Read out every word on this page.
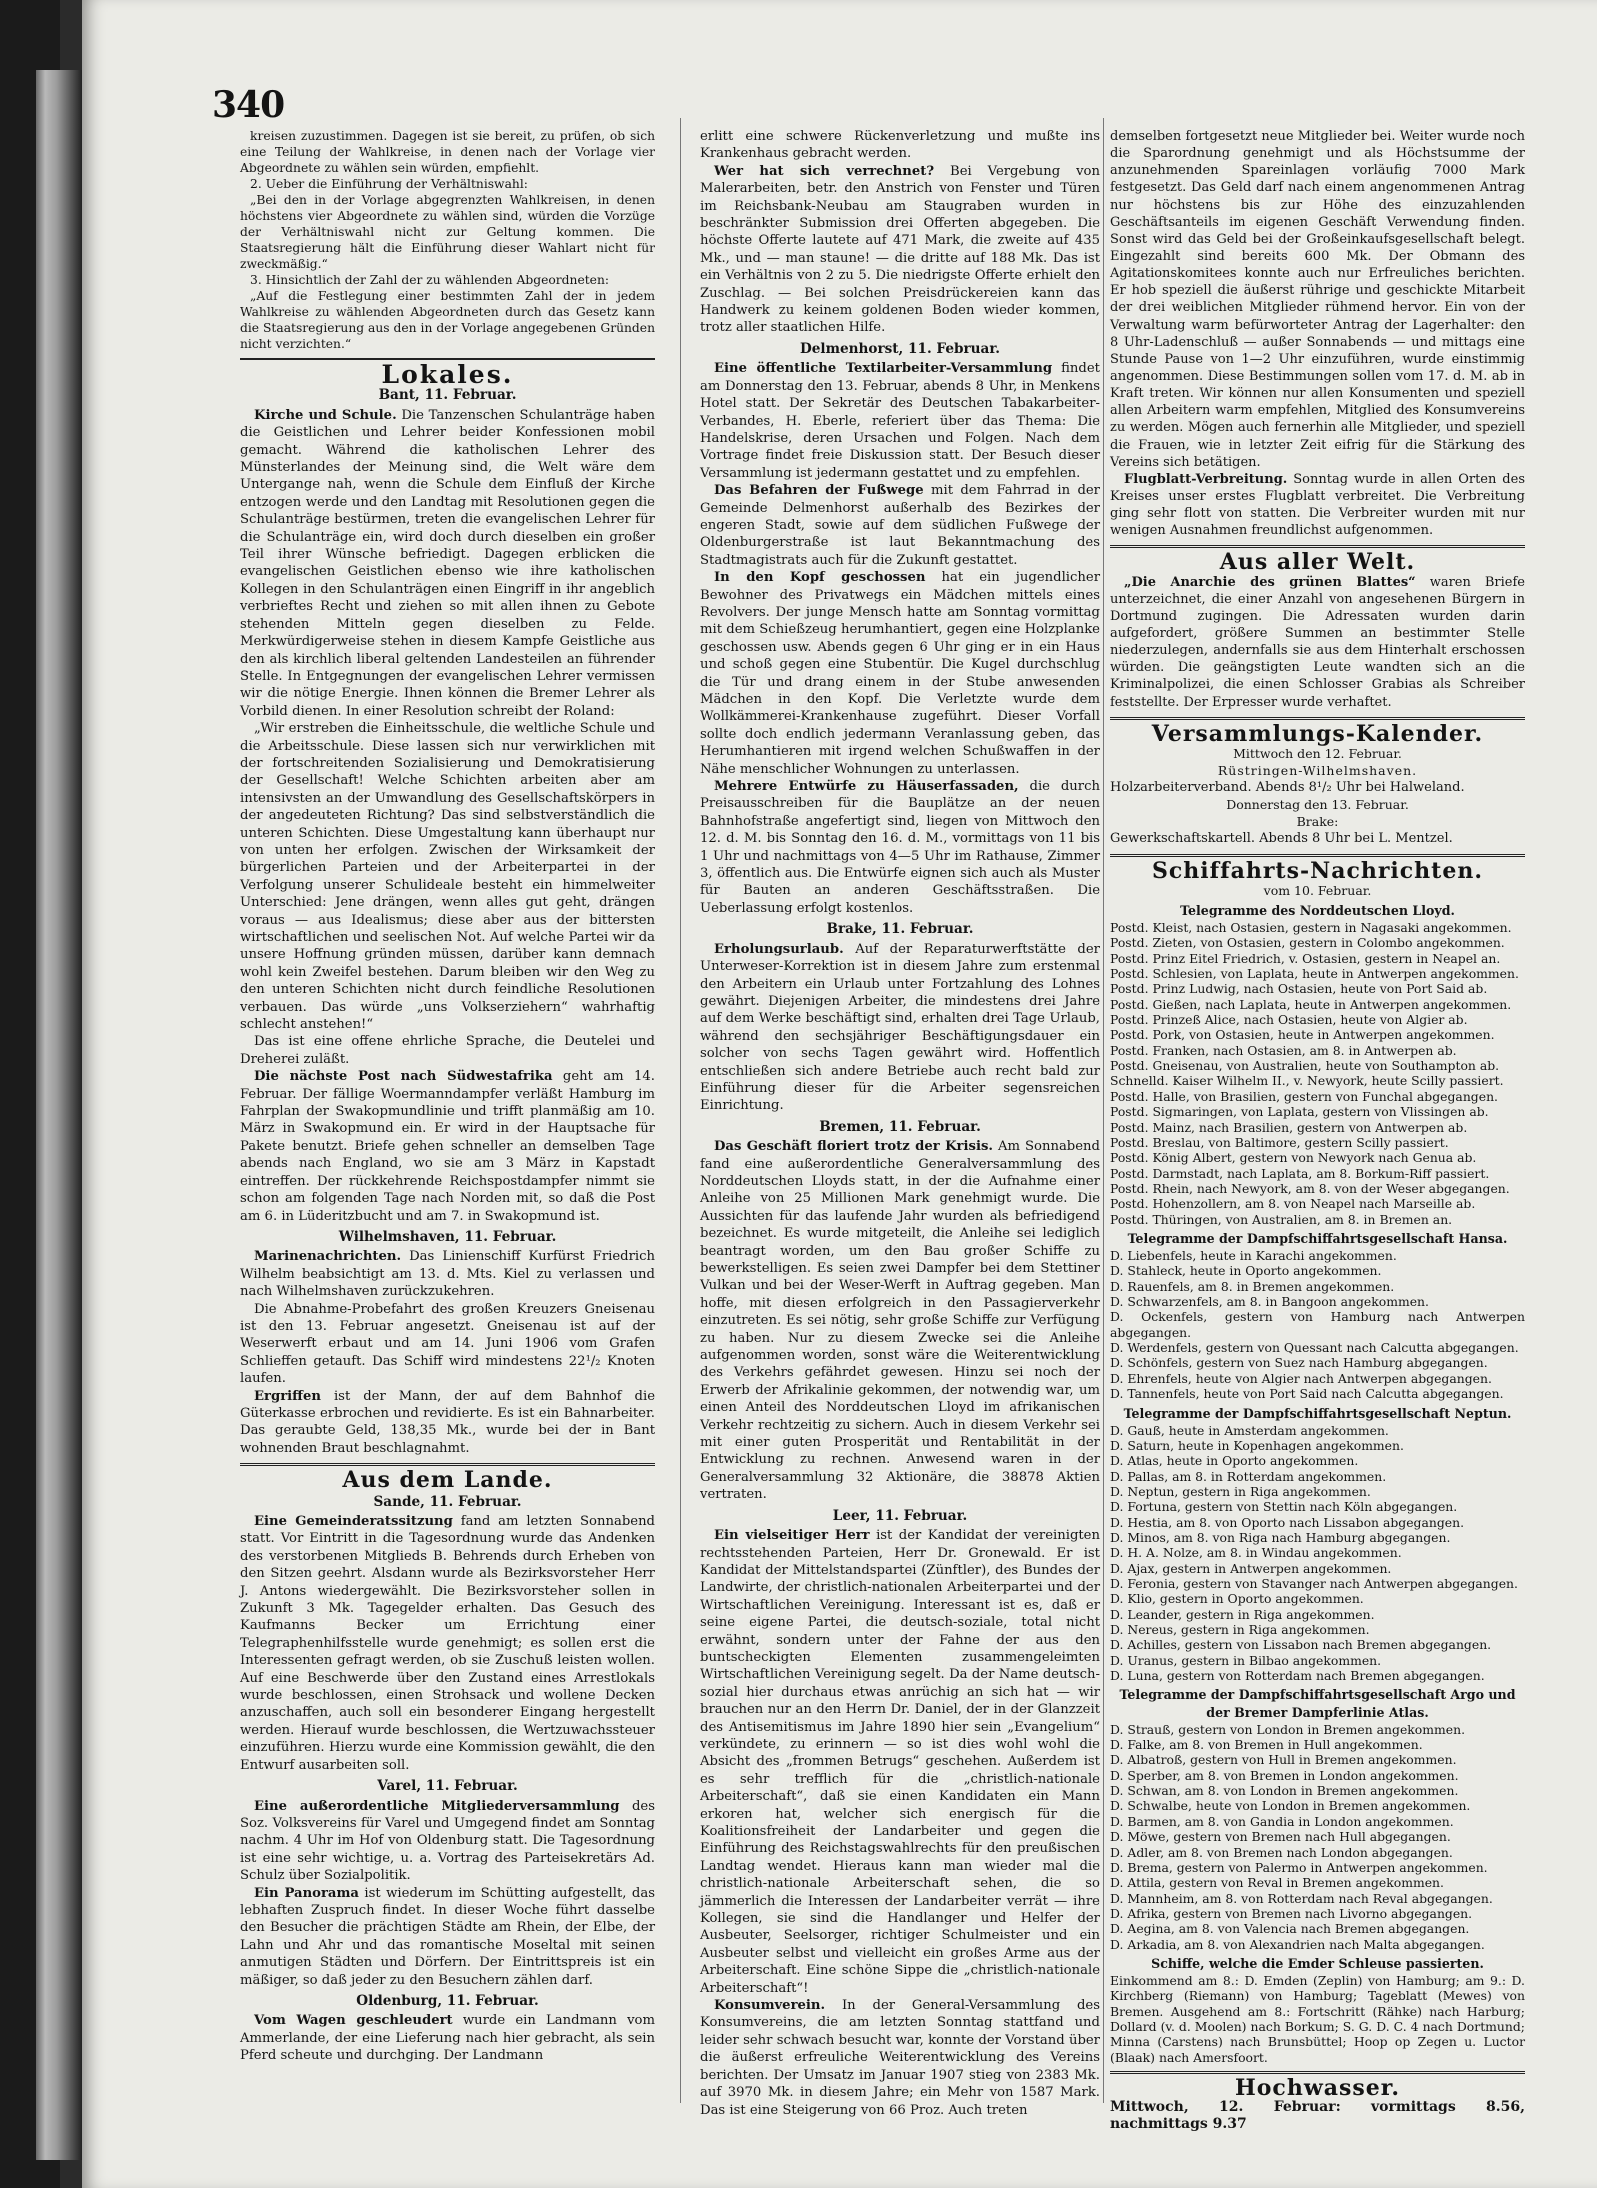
340

kreisen zuzustimmen. Dagegen ist sie bereit, zu prüfen, ob sich eine Teilung der Wahlkreise, in denen nach der Vorlage vier Abgeordnete zu wählen sein würden, empfiehlt.

2. Ueber die Einführung der Verhältniswahl:

„Bei den in der Vorlage abgegrenzten Wahlkreisen, in denen höchstens vier Abgeordnete zu wählen sind, würden die Vorzüge der Verhältniswahl nicht zur Geltung kommen. Die Staatsregierung hält die Einführung dieser Wahlart nicht für zweckmäßig.“

3. Hinsichtlich der Zahl der zu wählenden Abgeordneten:

„Auf die Festlegung einer bestimmten Zahl der in jedem Wahlkreise zu wählenden Abgeordneten durch das Gesetz kann die Staatsregierung aus den in der Vorlage angegebenen Gründen nicht verzichten.“

Lokales.
Bant, 11. Februar.

Kirche und Schule. Die Tanzenschen Schulanträge haben die Geistlichen und Lehrer beider Konfessionen mobil gemacht. Während die katholischen Lehrer des Münsterlandes der Meinung sind, die Welt wäre dem Untergange nah, wenn die Schule dem Einfluß der Kirche entzogen werde und den Landtag mit Resolutionen gegen die Schulanträge bestürmen, treten die evangelischen Lehrer für die Schulanträge ein, wird doch durch dieselben ein großer Teil ihrer Wünsche befriedigt. Dagegen erblicken die evangelischen Geistlichen ebenso wie ihre katholischen Kollegen in den Schulanträgen einen Eingriff in ihr angeblich verbrieftes Recht und ziehen so mit allen ihnen zu Gebote stehenden Mitteln gegen dieselben zu Felde. Merkwürdigerweise stehen in diesem Kampfe Geistliche aus den als kirchlich liberal geltenden Landesteilen an führender Stelle. In Entgegnungen der evangelischen Lehrer vermissen wir die nötige Energie. Ihnen können die Bremer Lehrer als Vorbild dienen. In einer Resolution schreibt der Roland:

„Wir erstreben die Einheitsschule, die weltliche Schule und die Arbeitsschule. Diese lassen sich nur verwirklichen mit der fortschreitenden Sozialisierung und Demokratisierung der Gesellschaft! Welche Schichten arbeiten aber am intensivsten an der Umwandlung des Gesellschaftskörpers in der angedeuteten Richtung? Das sind selbstverständlich die unteren Schichten. Diese Umgestaltung kann überhaupt nur von unten her erfolgen. Zwischen der Wirksamkeit der bürgerlichen Parteien und der Arbeiterpartei in der Verfolgung unserer Schulideale besteht ein himmelweiter Unterschied: Jene drängen, wenn alles gut geht, drängen voraus — aus Idealismus; diese aber aus der bittersten wirtschaftlichen und seelischen Not. Auf welche Partei wir da unsere Hoffnung gründen müssen, darüber kann demnach wohl kein Zweifel bestehen. Darum bleiben wir den Weg zu den unteren Schichten nicht durch feindliche Resolutionen verbauen. Das würde „uns Volkserziehern“ wahrhaftig schlecht anstehen!“

Das ist eine offene ehrliche Sprache, die Deutelei und Dreherei zuläßt.

Die nächste Post nach Südwestafrika geht am 14. Februar. Der fällige Woermanndampfer verläßt Hamburg im Fahrplan der Swakopmundlinie und trifft planmäßig am 10. März in Swakopmund ein. Er wird in der Hauptsache für Pakete benutzt. Briefe gehen schneller an demselben Tage abends nach England, wo sie am 3 März in Kapstadt eintreffen. Der rückkehrende Reichspostdampfer nimmt sie schon am folgenden Tage nach Norden mit, so daß die Post am 6. in Lüderitzbucht und am 7. in Swakopmund ist.

Wilhelmshaven, 11. Februar.

Marinenachrichten. Das Linienschiff Kurfürst Friedrich Wilhelm beabsichtigt am 13. d. Mts. Kiel zu verlassen und nach Wilhelmshaven zurückzukehren.

Die Abnahme-Probefahrt des großen Kreuzers Gneisenau ist den 13. Februar angesetzt. Gneisenau ist auf der Weserwerft erbaut und am 14. Juni 1906 vom Grafen Schlieffen getauft. Das Schiff wird mindestens 22¹/₂ Knoten laufen.

Ergriffen ist der Mann, der auf dem Bahnhof die Güterkasse erbrochen und revidierte. Es ist ein Bahnarbeiter. Das geraubte Geld, 138,35 Mk., wurde bei der in Bant wohnenden Braut beschlagnahmt.

Aus dem Lande.
Sande, 11. Februar.

Eine Gemeinderatssitzung fand am letzten Sonnabend statt. Vor Eintritt in die Tagesordnung wurde das Andenken des verstorbenen Mitglieds B. Behrends durch Erheben von den Sitzen geehrt. Alsdann wurde als Bezirksvorsteher Herr J. Antons wiedergewählt. Die Bezirksvorsteher sollen in Zukunft 3 Mk. Tagegelder erhalten. Das Gesuch des Kaufmanns Becker um Errichtung einer Telegraphenhilfsstelle wurde genehmigt; es sollen erst die Interessenten gefragt werden, ob sie Zuschuß leisten wollen. Auf eine Beschwerde über den Zustand eines Arrestlokals wurde beschlossen, einen Strohsack und wollene Decken anzuschaffen, auch soll ein besonderer Eingang hergestellt werden. Hierauf wurde beschlossen, die Wertzuwachssteuer einzuführen. Hierzu wurde eine Kommission gewählt, die den Entwurf ausarbeiten soll.

Varel, 11. Februar.

Eine außerordentliche Mitgliederversammlung des Soz. Volksvereins für Varel und Umgegend findet am Sonntag nachm. 4 Uhr im Hof von Oldenburg statt. Die Tagesordnung ist eine sehr wichtige, u. a. Vortrag des Parteisekretärs Ad. Schulz über Sozialpolitik.

Ein Panorama ist wiederum im Schütting aufgestellt, das lebhaften Zuspruch findet. In dieser Woche führt dasselbe den Besucher die prächtigen Städte am Rhein, der Elbe, der Lahn und Ahr und das romantische Moseltal mit seinen anmutigen Städten und Dörfern. Der Eintrittspreis ist ein mäßiger, so daß jeder zu den Besuchern zählen darf.

Oldenburg, 11. Februar.

Vom Wagen geschleudert wurde ein Landmann vom Ammerlande, der eine Lieferung nach hier gebracht, als sein Pferd scheute und durchging. Der Landmann

erlitt eine schwere Rückenverletzung und mußte ins Krankenhaus gebracht werden.

Wer hat sich verrechnet? Bei Vergebung von Malerarbeiten, betr. den Anstrich von Fenster und Türen im Reichsbank-Neubau am Staugraben wurden in beschränkter Submission drei Offerten abgegeben. Die höchste Offerte lautete auf 471 Mark, die zweite auf 435 Mk., und — man staune! — die dritte auf 188 Mk. Das ist ein Verhältnis von 2 zu 5. Die niedrigste Offerte erhielt den Zuschlag. — Bei solchen Preisdrückereien kann das Handwerk zu keinem goldenen Boden wieder kommen, trotz aller staatlichen Hilfe.

Delmenhorst, 11. Februar.

Eine öffentliche Textilarbeiter-Versammlung findet am Donnerstag den 13. Februar, abends 8 Uhr, in Menkens Hotel statt. Der Sekretär des Deutschen Tabakarbeiter-Verbandes, H. Eberle, referiert über das Thema: Die Handelskrise, deren Ursachen und Folgen. Nach dem Vortrage findet freie Diskussion statt. Der Besuch dieser Versammlung ist jedermann gestattet und zu empfehlen.

Das Befahren der Fußwege mit dem Fahrrad in der Gemeinde Delmenhorst außerhalb des Bezirkes der engeren Stadt, sowie auf dem südlichen Fußwege der Oldenburgerstraße ist laut Bekanntmachung des Stadtmagistrats auch für die Zukunft gestattet.

In den Kopf geschossen hat ein jugendlicher Bewohner des Privatwegs ein Mädchen mittels eines Revolvers. Der junge Mensch hatte am Sonntag vormittag mit dem Schießzeug herumhantiert, gegen eine Holzplanke geschossen usw. Abends gegen 6 Uhr ging er in ein Haus und schoß gegen eine Stubentür. Die Kugel durchschlug die Tür und drang einem in der Stube anwesenden Mädchen in den Kopf. Die Verletzte wurde dem Wollkämmerei-Krankenhause zugeführt. Dieser Vorfall sollte doch endlich jedermann Veranlassung geben, das Herumhantieren mit irgend welchen Schußwaffen in der Nähe menschlicher Wohnungen zu unterlassen.

Mehrere Entwürfe zu Häuserfassaden, die durch Preisausschreiben für die Bauplätze an der neuen Bahnhofstraße angefertigt sind, liegen von Mittwoch den 12. d. M. bis Sonntag den 16. d. M., vormittags von 11 bis 1 Uhr und nachmittags von 4—5 Uhr im Rathause, Zimmer 3, öffentlich aus. Die Entwürfe eignen sich auch als Muster für Bauten an anderen Geschäftsstraßen. Die Ueberlassung erfolgt kostenlos.

Brake, 11. Februar.

Erholungsurlaub. Auf der Reparaturwerftstätte der Unterweser-Korrektion ist in diesem Jahre zum erstenmal den Arbeitern ein Urlaub unter Fortzahlung des Lohnes gewährt. Diejenigen Arbeiter, die mindestens drei Jahre auf dem Werke beschäftigt sind, erhalten drei Tage Urlaub, während den sechsjähriger Beschäftigungsdauer ein solcher von sechs Tagen gewährt wird. Hoffentlich entschließen sich andere Betriebe auch recht bald zur Einführung dieser für die Arbeiter segensreichen Einrichtung.

Bremen, 11. Februar.

Das Geschäft floriert trotz der Krisis. Am Sonnabend fand eine außerordentliche Generalversammlung des Norddeutschen Lloyds statt, in der die Aufnahme einer Anleihe von 25 Millionen Mark genehmigt wurde. Die Aussichten für das laufende Jahr wurden als befriedigend bezeichnet. Es wurde mitgeteilt, die Anleihe sei lediglich beantragt worden, um den Bau großer Schiffe zu bewerkstelligen. Es seien zwei Dampfer bei dem Stettiner Vulkan und bei der Weser-Werft in Auftrag gegeben. Man hoffe, mit diesen erfolgreich in den Passagierverkehr einzutreten. Es sei nötig, sehr große Schiffe zur Verfügung zu haben. Nur zu diesem Zwecke sei die Anleihe aufgenommen worden, sonst wäre die Weiterentwicklung des Verkehrs gefährdet gewesen. Hinzu sei noch der Erwerb der Afrikalinie gekommen, der notwendig war, um einen Anteil des Norddeutschen Lloyd im afrikanischen Verkehr rechtzeitig zu sichern. Auch in diesem Verkehr sei mit einer guten Prosperität und Rentabilität in der Entwicklung zu rechnen. Anwesend waren in der Generalversammlung 32 Aktionäre, die 38878 Aktien vertraten.

Leer, 11. Februar.

Ein vielseitiger Herr ist der Kandidat der vereinigten rechtsstehenden Parteien, Herr Dr. Gronewald. Er ist Kandidat der Mittelstandspartei (Zünftler), des Bundes der Landwirte, der christlich-nationalen Arbeiterpartei und der Wirtschaftlichen Vereinigung. Interessant ist es, daß er seine eigene Partei, die deutsch-soziale, total nicht erwähnt, sondern unter der Fahne der aus den buntscheckigten Elementen zusammengeleimten Wirtschaftlichen Vereinigung segelt. Da der Name deutsch-sozial hier durchaus etwas anrüchig an sich hat — wir brauchen nur an den Herrn Dr. Daniel, der in der Glanzzeit des Antisemitismus im Jahre 1890 hier sein „Evangelium“ verkündete, zu erinnern — so ist dies wohl wohl die Absicht des „frommen Betrugs“ geschehen. Außerdem ist es sehr trefflich für die „christlich-nationale Arbeiterschaft“, daß sie einen Kandidaten ein Mann erkoren hat, welcher sich energisch für die Koalitionsfreiheit der Landarbeiter und gegen die Einführung des Reichstagswahlrechts für den preußischen Landtag wendet. Hieraus kann man wieder mal die christlich-nationale Arbeiterschaft sehen, die so jämmerlich die Interessen der Landarbeiter verrät — ihre Kollegen, sie sind die Handlanger und Helfer der Ausbeuter, Seelsorger, richtiger Schulmeister und ein Ausbeuter selbst und vielleicht ein großes Arme aus der Arbeiterschaft. Eine schöne Sippe die „christlich-nationale Arbeiterschaft“!

Konsumverein. In der General-Versammlung des Konsumvereins, die am letzten Sonntag stattfand und leider sehr schwach besucht war, konnte der Vorstand über die äußerst erfreuliche Weiterentwicklung des Vereins berichten. Der Umsatz im Januar 1907 stieg von 2383 Mk. auf 3970 Mk. in diesem Jahre; ein Mehr von 1587 Mark. Das ist eine Steigerung von 66 Proz. Auch treten

demselben fortgesetzt neue Mitglieder bei. Weiter wurde noch die Sparordnung genehmigt und als Höchstsumme der anzunehmenden Spareinlagen vorläufig 7000 Mark festgesetzt. Das Geld darf nach einem angenommenen Antrag nur höchstens bis zur Höhe des einzuzahlenden Geschäftsanteils im eigenen Geschäft Verwendung finden. Sonst wird das Geld bei der Großeinkaufsgesellschaft belegt. Eingezahlt sind bereits 600 Mk. Der Obmann des Agitationskomitees konnte auch nur Erfreuliches berichten. Er hob speziell die äußerst rührige und geschickte Mitarbeit der drei weiblichen Mitglieder rühmend hervor. Ein von der Verwaltung warm befürworteter Antrag der Lagerhalter: den 8 Uhr-Ladenschluß — außer Sonnabends — und mittags eine Stunde Pause von 1—2 Uhr einzuführen, wurde einstimmig angenommen. Diese Bestimmungen sollen vom 17. d. M. ab in Kraft treten. Wir können nur allen Konsumenten und speziell allen Arbeitern warm empfehlen, Mitglied des Konsumvereins zu werden. Mögen auch fernerhin alle Mitglieder, und speziell die Frauen, wie in letzter Zeit eifrig für die Stärkung des Vereins sich betätigen.

Flugblatt-Verbreitung. Sonntag wurde in allen Orten des Kreises unser erstes Flugblatt verbreitet. Die Verbreitung ging sehr flott von statten. Die Verbreiter wurden mit nur wenigen Ausnahmen freundlichst aufgenommen.

Aus aller Welt.

„Die Anarchie des grünen Blattes“ waren Briefe unterzeichnet, die einer Anzahl von angesehenen Bürgern in Dortmund zugingen. Die Adressaten wurden darin aufgefordert, größere Summen an bestimmter Stelle niederzulegen, andernfalls sie aus dem Hinterhalt erschossen würden. Die geängstigten Leute wandten sich an die Kriminalpolizei, die einen Schlosser Grabias als Schreiber feststellte. Der Erpresser wurde verhaftet.

Versammlungs-Kalender.
Mittwoch den 12. Februar.
Rüstringen-Wilhelmshaven.

Holzarbeiterverband. Abends 8¹/₂ Uhr bei Halweland.

Donnerstag den 13. Februar.
Brake:

Gewerkschaftskartell. Abends 8 Uhr bei L. Mentzel.

Schiffahrts-Nachrichten.
vom 10. Februar.
Telegramme des Norddeutschen Lloyd.

Postd. Kleist, nach Ostasien, gestern in Nagasaki angekommen.

Postd. Zieten, von Ostasien, gestern in Colombo angekommen.

Postd. Prinz Eitel Friedrich, v. Ostasien, gestern in Neapel an.

Postd. Schlesien, von Laplata, heute in Antwerpen angekommen.

Postd. Prinz Ludwig, nach Ostasien, heute von Port Said ab.

Postd. Gießen, nach Laplata, heute in Antwerpen angekommen.

Postd. Prinzeß Alice, nach Ostasien, heute von Algier ab.

Postd. Pork, von Ostasien, heute in Antwerpen angekommen.

Postd. Franken, nach Ostasien, am 8. in Antwerpen ab.

Postd. Gneisenau, von Australien, heute von Southampton ab.

Schnelld. Kaiser Wilhelm II., v. Newyork, heute Scilly passiert.

Postd. Halle, von Brasilien, gestern von Funchal abgegangen.

Postd. Sigmaringen, von Laplata, gestern von Vlissingen ab.

Postd. Mainz, nach Brasilien, gestern von Antwerpen ab.

Postd. Breslau, von Baltimore, gestern Scilly passiert.

Postd. König Albert, gestern von Newyork nach Genua ab.

Postd. Darmstadt, nach Laplata, am 8. Borkum-Riff passiert.

Postd. Rhein, nach Newyork, am 8. von der Weser abgegangen.

Postd. Hohenzollern, am 8. von Neapel nach Marseille ab.

Postd. Thüringen, von Australien, am 8. in Bremen an.

Telegramme der Dampfschiffahrtsgesellschaft Hansa.

D. Liebenfels, heute in Karachi angekommen.

D. Stahleck, heute in Oporto angekommen.

D. Rauenfels, am 8. in Bremen angekommen.

D. Schwarzenfels, am 8. in Bangoon angekommen.

D. Ockenfels, gestern von Hamburg nach Antwerpen abgegangen.

D. Werdenfels, gestern von Quessant nach Calcutta abgegangen.

D. Schönfels, gestern von Suez nach Hamburg abgegangen.

D. Ehrenfels, heute von Algier nach Antwerpen abgegangen.

D. Tannenfels, heute von Port Said nach Calcutta abgegangen.

Telegramme der Dampfschiffahrtsgesellschaft Neptun.

D. Gauß, heute in Amsterdam angekommen.

D. Saturn, heute in Kopenhagen angekommen.

D. Atlas, heute in Oporto angekommen.

D. Pallas, am 8. in Rotterdam angekommen.

D. Neptun, gestern in Riga angekommen.

D. Fortuna, gestern von Stettin nach Köln abgegangen.

D. Hestia, am 8. von Oporto nach Lissabon abgegangen.

D. Minos, am 8. von Riga nach Hamburg abgegangen.

D. H. A. Nolze, am 8. in Windau angekommen.

D. Ajax, gestern in Antwerpen angekommen.

D. Feronia, gestern von Stavanger nach Antwerpen abgegangen.

D. Klio, gestern in Oporto angekommen.

D. Leander, gestern in Riga angekommen.

D. Nereus, gestern in Riga angekommen.

D. Achilles, gestern von Lissabon nach Bremen abgegangen.

D. Uranus, gestern in Bilbao angekommen.

D. Luna, gestern von Rotterdam nach Bremen abgegangen.

Telegramme der Dampfschiffahrtsgesellschaft Argo und der Bremer Dampferlinie Atlas.

D. Strauß, gestern von London in Bremen angekommen.

D. Falke, am 8. von Bremen in Hull angekommen.

D. Albatroß, gestern von Hull in Bremen angekommen.

D. Sperber, am 8. von Bremen in London angekommen.

D. Schwan, am 8. von London in Bremen angekommen.

D. Schwalbe, heute von London in Bremen angekommen.

D. Barmen, am 8. von Gandia in London angekommen.

D. Möwe, gestern von Bremen nach Hull abgegangen.

D. Adler, am 8. von Bremen nach London abgegangen.

D. Brema, gestern von Palermo in Antwerpen angekommen.

D. Attila, gestern von Reval in Bremen angekommen.

D. Mannheim, am 8. von Rotterdam nach Reval abgegangen.

D. Afrika, gestern von Bremen nach Livorno abgegangen.

D. Aegina, am 8. von Valencia nach Bremen abgegangen.

D. Arkadia, am 8. von Alexandrien nach Malta abgegangen.

Schiffe, welche die Emder Schleuse passierten.

Einkommend am 8.: D. Emden (Zeplin) von Hamburg; am 9.: D. Kirchberg (Riemann) von Hamburg; Tageblatt (Mewes) von Bremen. Ausgehend am 8.: Fortschritt (Rähke) nach Harburg; Dollard (v. d. Moolen) nach Borkum; S. G. D. C. 4 nach Dortmund; Minna (Carstens) nach Brunsbüttel; Hoop op Zegen u. Luctor (Blaak) nach Amersfoort.

Hochwasser.

Mittwoch, 12. Februar: vormittags 8.56, nachmittags 9.37
